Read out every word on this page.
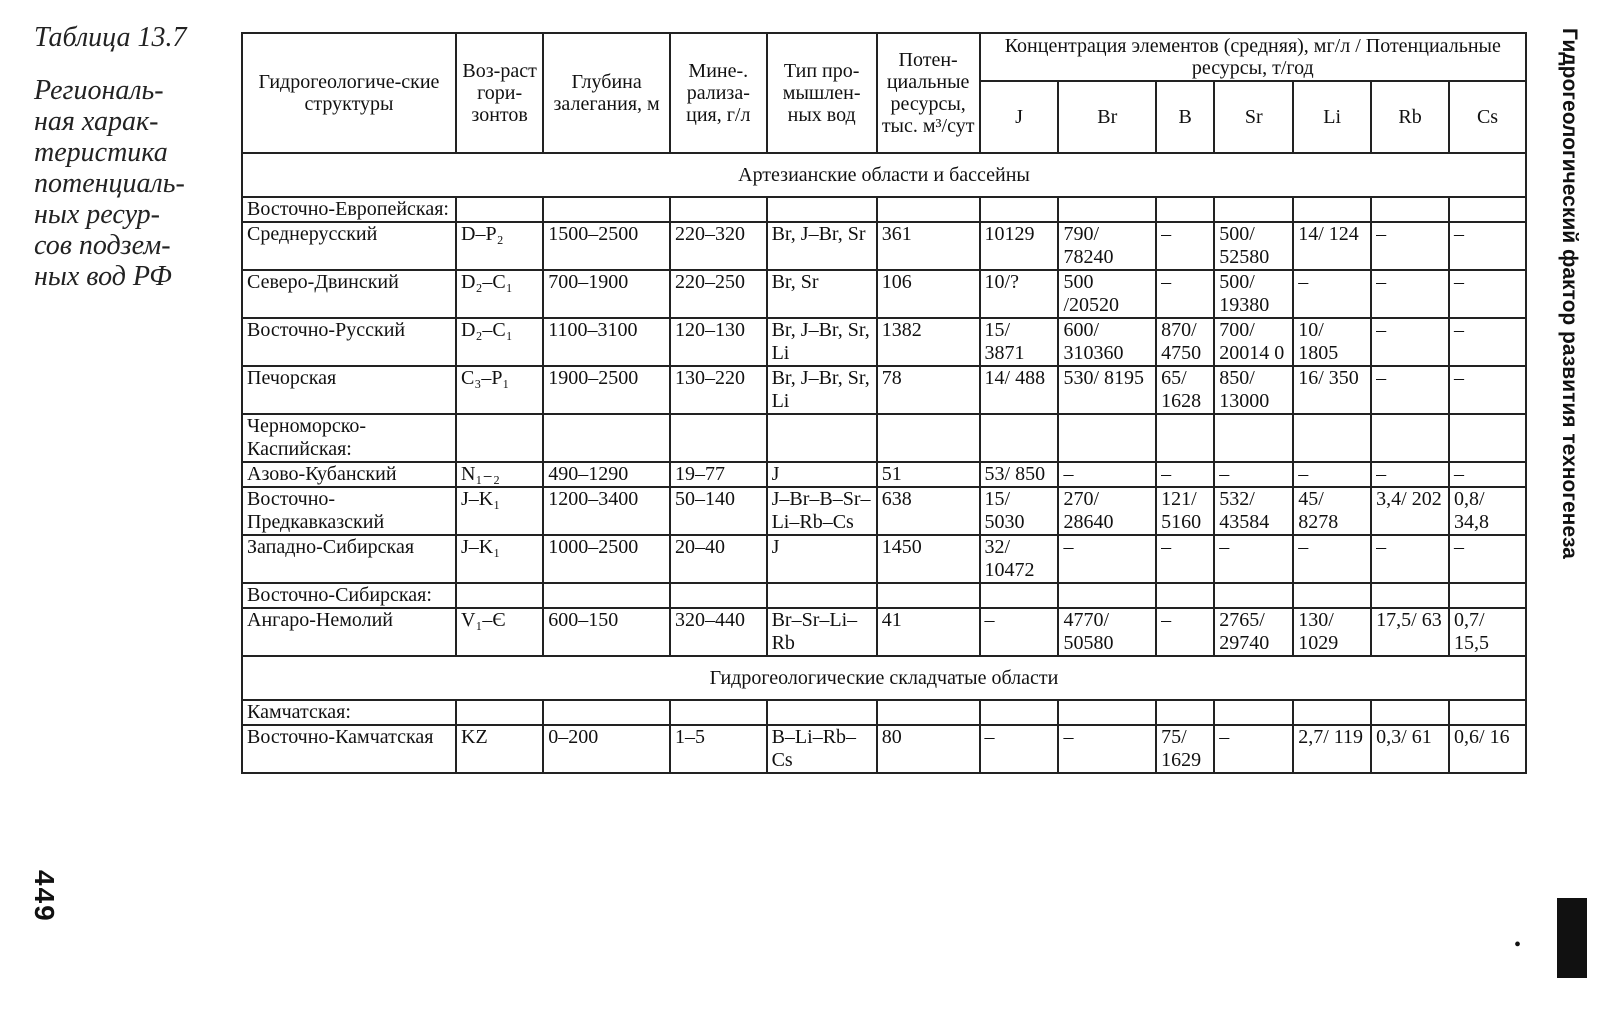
Таблица 13.7
Региональ-
ная харак-
теристика
потенциаль-
ных ресур-
сов подзем-
ных вод РФ
449
Гидрогеологический фактор развития техногенеза
Гидрогеологиче-ские структуры	Воз-раст гори-зонтов	Глубина залегания, м	Мине-. рализа-ция, г/л	Тип про-мышлен-ных вод	Потен-циальные ресурсы, тыс. м³/сут	Концентрация элементов (средняя), мг/л / Потенциальные ресурсы, т/год						
						J	Br	B	Sr	Li	Rb	Cs
Артезианские области и бассейны												
Восточно-Европейская:												
Среднерусский	D–P₂	1500–2500	220–320	Br, J–Br, Sr	361	10129	790/ 78240	–	500/ 52580	14/ 124	–	–
Северо-Двинский	D₂–C₁	700–1900	220–250	Br, Sr	106	10/?	500 /20520	–	500/ 19380	–	–	–
Восточно-Русский	D₂–C₁	1100–3100	120–130	Br, J–Br, Sr, Li	1382	15/ 3871	600/ 310360	870/ 4750	700/ 20014 0	10/ 1805	–	–
Печорская	C₃–P₁	1900–2500	130–220	Br, J–Br, Sr, Li	78	14/ 488	530/ 8195	65/ 1628	850/ 13000	16/ 350	–	–
Черноморско-Каспийская:												
Азово-Кубанский	N₁₋₂	490–1290	19–77	J	51	53/ 850	–	–	–	–	–	–
Восточно-Предкавказский	J–K₁	1200–3400	50–140	J–Br–B–Sr–Li–Rb–Cs	638	15/ 5030	270/ 28640	121/ 5160	532/ 43584	45/ 8278	3,4/ 202	0,8/ 34,8
Западно-Сибирская	J–K₁	1000–2500	20–40	J	1450	32/ 10472	–	–	–	–	–	–
Восточно-Сибирская:												
Ангаро-Немолий	V₁–Є	600–150	320–440	Br–Sr–Li–Rb	41	–	4770/ 50580	–	2765/ 29740	130/ 1029	17,5/ 63	0,7/ 15,5
Гидрогеологические складчатые области												
Камчатская:												
Восточно-Камчатская	KZ	0–200	1–5	B–Li–Rb–Cs	80	–	–	75/ 1629	–	2,7/ 119	0,3/ 61	0,6/ 16
•
